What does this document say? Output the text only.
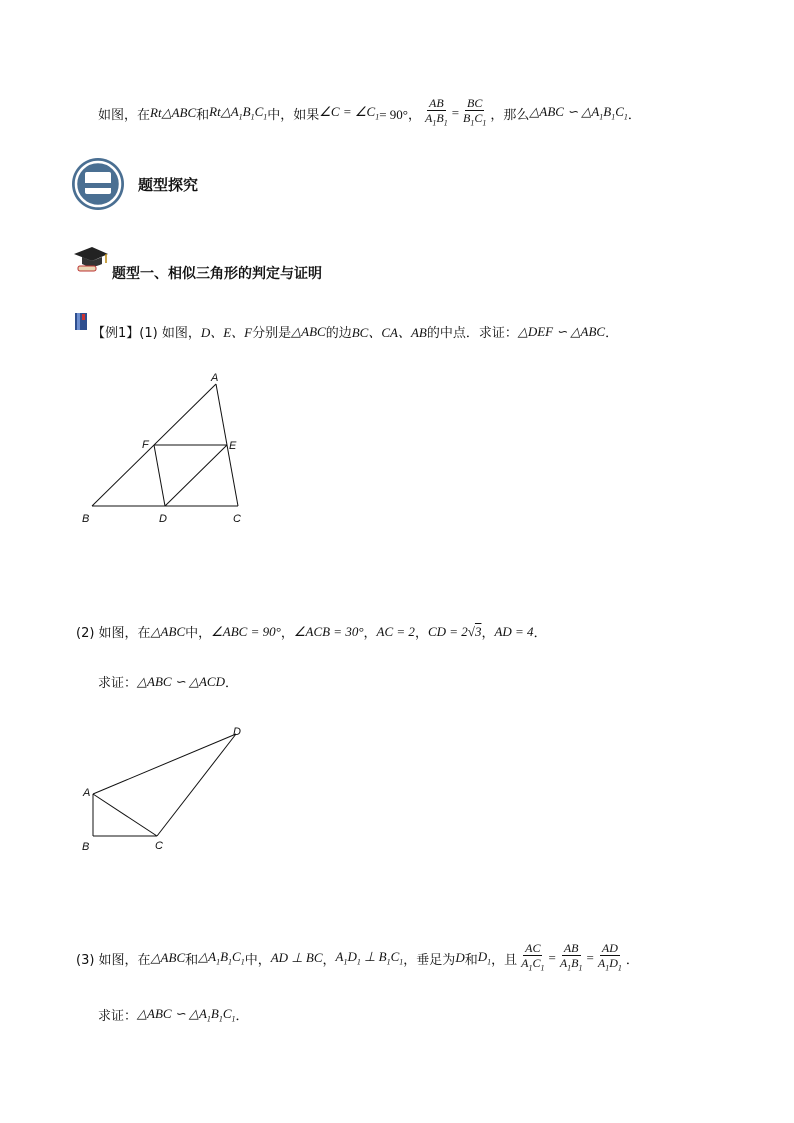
如图，在 Rt△ABC 和 $Rt\triangle A_1B_1C_1$ 中，如果 ∠C = $\angle C_1 = 90^\circ$， $\frac{AB}{A_1B_1} = \frac{BC}{B_1C_1}$ ，那么 △ABC ∽ $\triangle A_1B_1C_1$ ．
题型探究
题型一、相似三角形的判定与证明
【例1】 (1) 如图， D、E、F 分别是 △ABC 的边 BC、CA、AB 的中点．求证： △DEF ∽ △ABC ．
A
F	E
B	D	C
(2) 如图，在 △ABC 中， ∠ABC = 90° ， ∠ACB = 30° ， AC = 2 ， CD = 2√3 ， AD = 4 ．
求证： △ABC ∽ △ACD ．
D
A
B	C
(3) 如图，在 △ABC 和 $\triangle A_1B_1C_1$ 中， AD ⊥ BC ， $A_1D_1$ ⊥ $B_1C_1$ ，垂足为 D 和 $D_1$ ，且 $\frac{AC}{A_1C_1} = \frac{AB}{A_1B_1} = \frac{AD}{A_1D_1}$ ．
求证： △ABC ∽ $\triangle A_1B_1C_1$ ．
